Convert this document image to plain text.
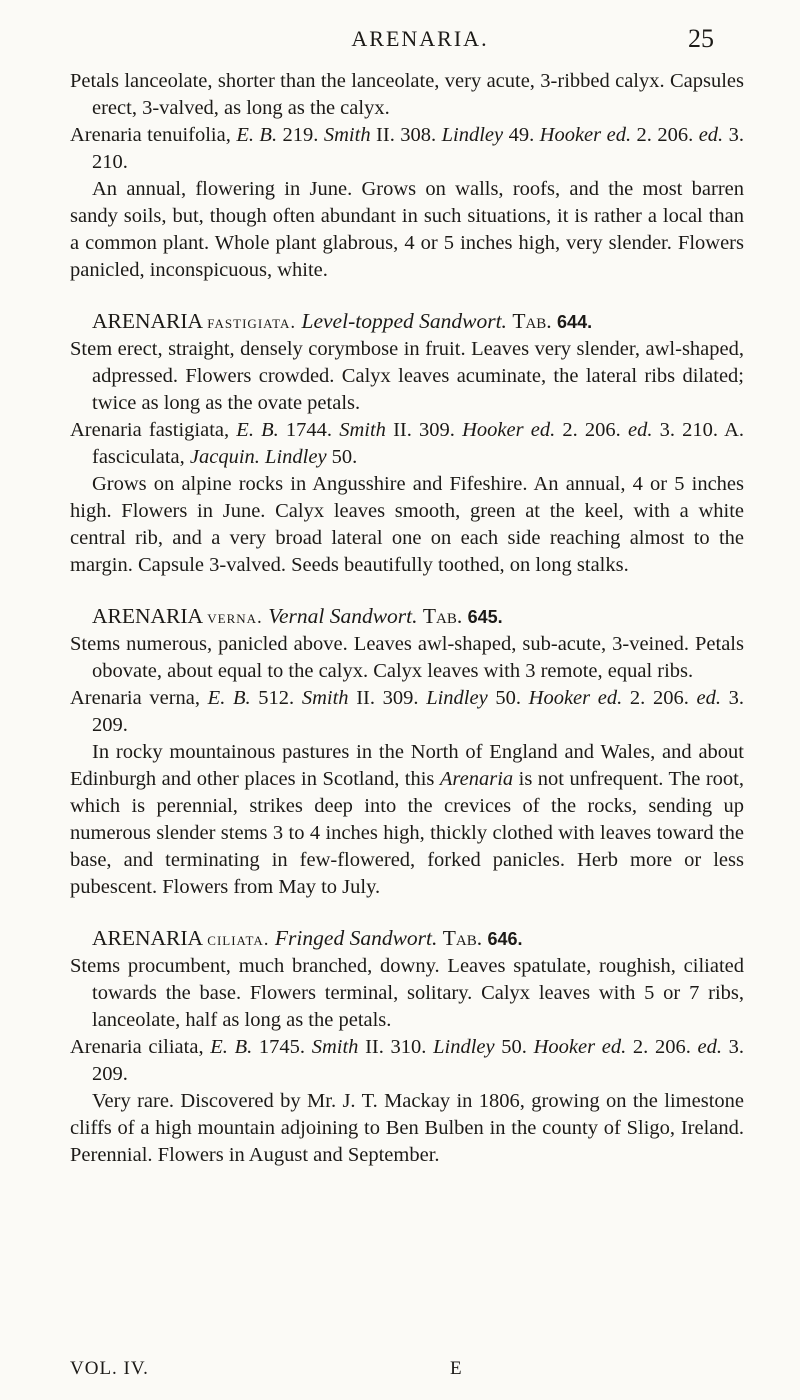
ARENARIA.	25

Petals lanceolate, shorter than the lanceolate, very acute, 3-ribbed calyx. Capsules erect, 3-valved, as long as the calyx.

Arenaria tenuifolia, E. B. 219. Smith II. 308. Lindley 49. Hooker ed. 2. 206. ed. 3. 210.

An annual, flowering in June. Grows on walls, roofs, and the most barren sandy soils, but, though often abundant in such situations, it is rather a local than a common plant. Whole plant glabrous, 4 or 5 inches high, very slender. Flowers panicled, inconspicuous, white.

ARENARIA fastigiata. Level-topped Sandwort. Tab. 644.

Stem erect, straight, densely corymbose in fruit. Leaves very slender, awl-shaped, adpressed. Flowers crowded. Calyx leaves acuminate, the lateral ribs dilated; twice as long as the ovate petals.

Arenaria fastigiata, E. B. 1744. Smith II. 309. Hooker ed. 2. 206. ed. 3. 210. A. fasciculata, Jacquin. Lindley 50.

Grows on alpine rocks in Angusshire and Fifeshire. An annual, 4 or 5 inches high. Flowers in June. Calyx leaves smooth, green at the keel, with a white central rib, and a very broad lateral one on each side reaching almost to the margin. Capsule 3-valved. Seeds beautifully toothed, on long stalks.

ARENARIA verna. Vernal Sandwort. Tab. 645.

Stems numerous, panicled above. Leaves awl-shaped, sub-acute, 3-veined. Petals obovate, about equal to the calyx. Calyx leaves with 3 remote, equal ribs.

Arenaria verna, E. B. 512. Smith II. 309. Lindley 50. Hooker ed. 2. 206. ed. 3. 209.

In rocky mountainous pastures in the North of England and Wales, and about Edinburgh and other places in Scotland, this Arenaria is not unfrequent. The root, which is perennial, strikes deep into the crevices of the rocks, sending up numerous slender stems 3 to 4 inches high, thickly clothed with leaves toward the base, and terminating in few-flowered, forked panicles. Herb more or less pubescent. Flowers from May to July.

ARENARIA ciliata. Fringed Sandwort. Tab. 646.

Stems procumbent, much branched, downy. Leaves spatulate, roughish, ciliated towards the base. Flowers terminal, solitary. Calyx leaves with 5 or 7 ribs, lanceolate, half as long as the petals.

Arenaria ciliata, E. B. 1745. Smith II. 310. Lindley 50. Hooker ed. 2. 206. ed. 3. 209.

Very rare. Discovered by Mr. J. T. Mackay in 1806, growing on the limestone cliffs of a high mountain adjoining to Ben Bulben in the county of Sligo, Ireland. Perennial. Flowers in August and September.

VOL. IV.	E
